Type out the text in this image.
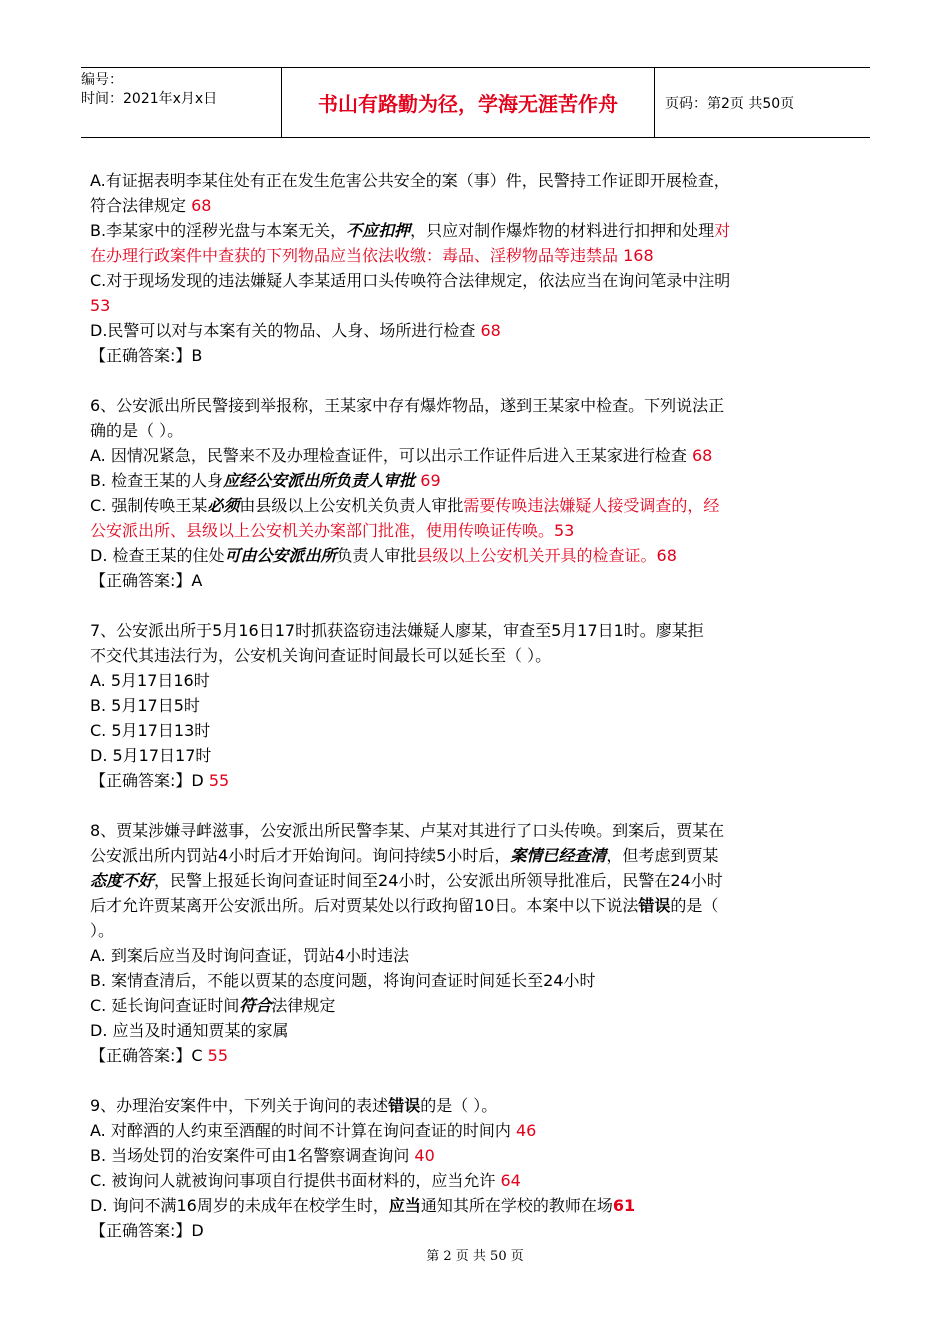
编号：
时间：2021年x月x日	书山有路勤为径，学海无涯苦作舟	页码：第2页 共50页
A.有证据表明李某住处有正在发生危害公共安全的案（事）件，民警持工作证即开展检查，
符合法律规定 68
B.李某家中的淫秽光盘与本案无关，不应扣押，只应对制作爆炸物的材料进行扣押和处理对
在办理行政案件中查获的下列物品应当依法收缴：毒品、淫秽物品等违禁品 168
C.对于现场发现的违法嫌疑人李某适用口头传唤符合法律规定，依法应当在询问笔录中注明
53
D.民警可以对与本案有关的物品、人身、场所进行检查 68
【正确答案:】B
6、公安派出所民警接到举报称，王某家中存有爆炸物品，遂到王某家中检查。下列说法正
确的是（ ）。
A. 因情况紧急，民警来不及办理检查证件，可以出示工作证件后进入王某家进行检查 68
B. 检查王某的人身应经公安派出所负责人审批 69
C. 强制传唤王某必须由县级以上公安机关负责人审批需要传唤违法嫌疑人接受调查的，经
公安派出所、县级以上公安机关办案部门批准，使用传唤证传唤。53
D. 检查王某的住处可由公安派出所负责人审批县级以上公安机关开具的检查证。68
【正确答案:】A
7、公安派出所于5月16日17时抓获盗窃违法嫌疑人廖某，审查至5月17日1时。廖某拒
不交代其违法行为，公安机关询问查证时间最长可以延长至（ ）。
A. 5月17日16时
B. 5月17日5时
C. 5月17日13时
D. 5月17日17时
【正确答案:】D 55
8、贾某涉嫌寻衅滋事，公安派出所民警李某、卢某对其进行了口头传唤。到案后，贾某在
公安派出所内罚站4小时后才开始询问。询问持续5小时后，案情已经查清，但考虑到贾某
态度不好，民警上报延长询问查证时间至24小时，公安派出所领导批准后，民警在24小时
后才允许贾某离开公安派出所。后对贾某处以行政拘留10日。本案中以下说法错误的是（
）。
A. 到案后应当及时询问查证，罚站4小时违法
B. 案情查清后，不能以贾某的态度问题，将询问查证时间延长至24小时
C. 延长询问查证时间符合法律规定
D. 应当及时通知贾某的家属
【正确答案:】C 55
9、办理治安案件中，下列关于询问的表述错误的是（ ）。
A. 对醉酒的人约束至酒醒的时间不计算在询问查证的时间内 46
B. 当场处罚的治安案件可由1名警察调查询问 40
C. 被询问人就被询问事项自行提供书面材料的，应当允许 64
D. 询问不满16周岁的未成年在校学生时，应当通知其所在学校的教师在场61
【正确答案:】D
第 2 页 共 50 页
